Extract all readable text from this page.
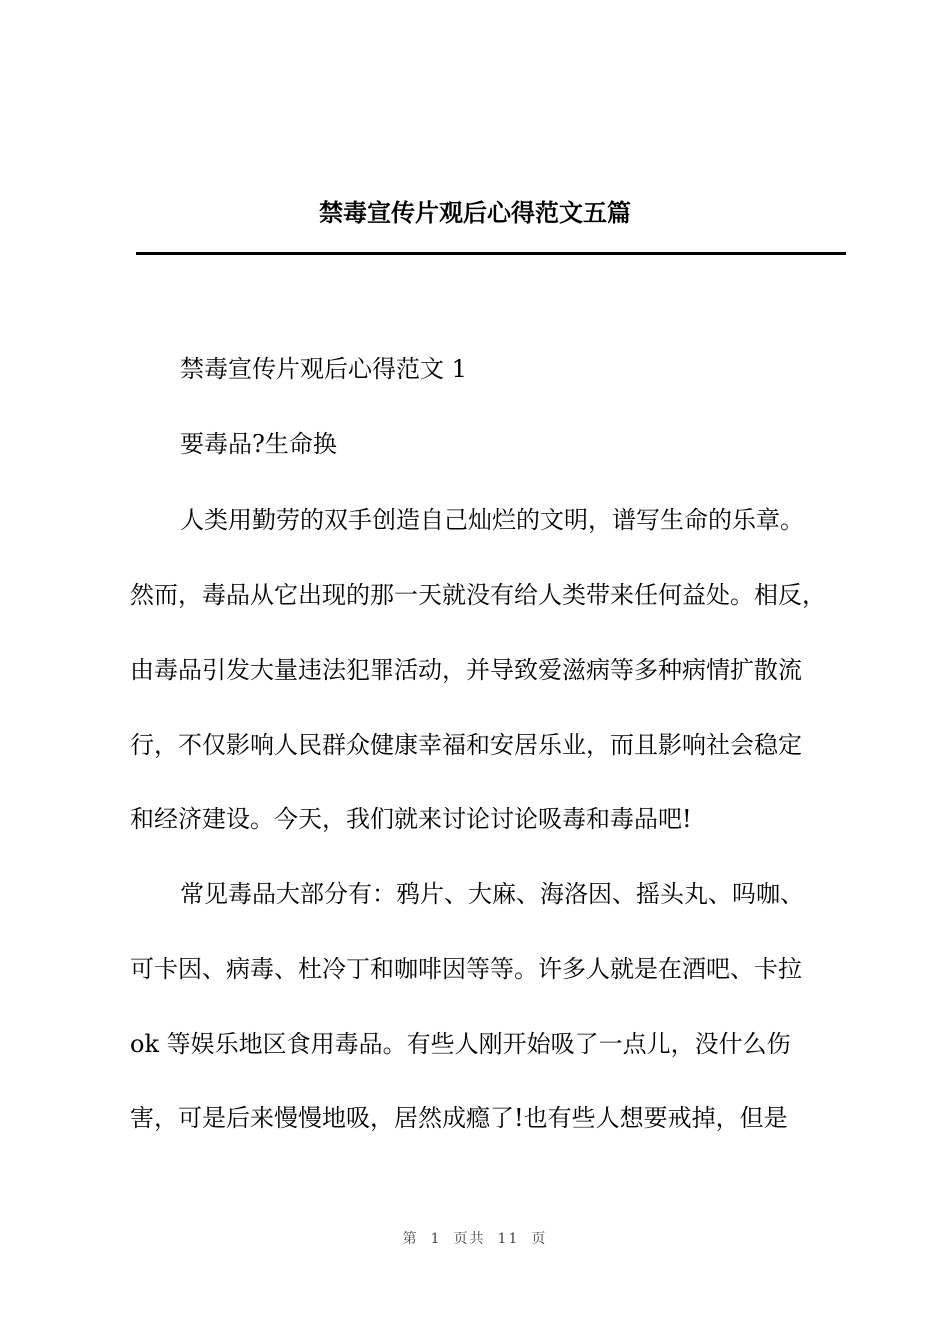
禁毒宣传片观后心得范文五篇

禁毒宣传片观后心得范文 1

要毒品?生命换

人类用勤劳的双手创造自己灿烂的文明，谱写生命的乐章。

然而，毒品从它出现的那一天就没有给人类带来任何益处。相反，

由毒品引发大量违法犯罪活动，并导致爱滋病等多种病情扩散流

行，不仅影响人民群众健康幸福和安居乐业，而且影响社会稳定

和经济建设。今天，我们就来讨论讨论吸毒和毒品吧!

常见毒品大部分有：鸦片、大麻、海洛因、摇头丸、吗咖、

可卡因、病毒、杜冷丁和咖啡因等等。许多人就是在酒吧、卡拉

ok 等娱乐地区食用毒品。有些人刚开始吸了一点儿，没什么伤

害，可是后来慢慢地吸，居然成瘾了!也有些人想要戒掉，但是

第 1 页共 11 页
